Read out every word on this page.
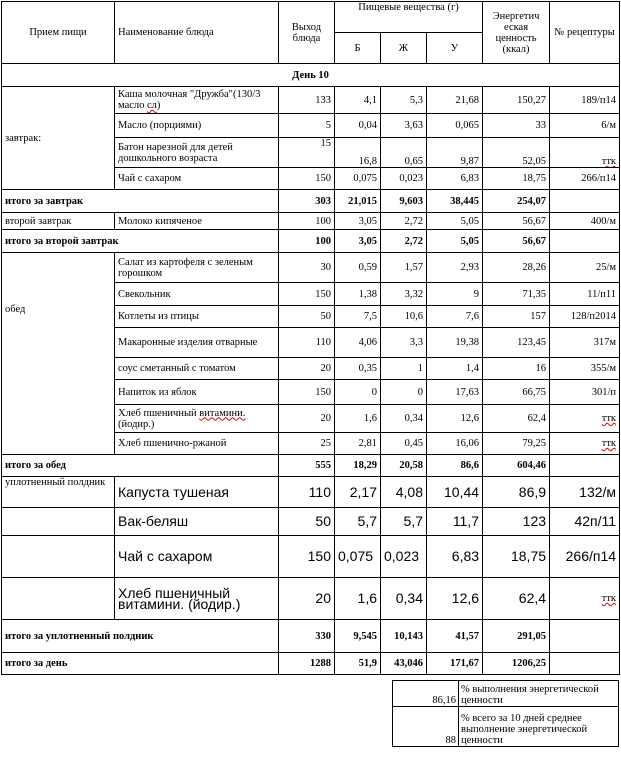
Прием пищи	Наименование блюда	Выход блюда	Пищевые вещества (г)			Энергетич еская ценность (ккал)	№ рецептуры
			Б	Ж	У		
День 10							
завтрак:	Каша молочная "Дружба"(130/3 масло сл)	133	4,1	5,3	21,68	150,27	189/п14
	Масло (порциями)	5	0,04	3,63	0,065	33	6/м
	Батон нарезной для детей дошкольного возраста	15	16,8	0,65	9,87	52,05	ттк
	Чай с сахаром	150	0,075	0,023	6,83	18,75	266/п14
итого за завтрак		303	21,015	9,603	38,445	254,07	
второй завтрак	Молоко кипяченое	100	3,05	2,72	5,05	56,67	400/м
итого за второй завтрак		100	3,05	2,72	5,05	56,67	
обед	Салат из картофеля с зеленым горошком	30	0,59	1,57	2,93	28,26	25/м
	Свекольник	150	1,38	3,32	9	71,35	11/п11
	Котлеты из птицы	50	7,5	10,6	7,6	157	128/п2014
	Макаронные изделия отварные	110	4,06	3,3	19,38	123,45	317м
	соус сметанный с томатом	20	0,35	1	1,4	16	355/м
	Напиток из яблок	150	0	0	17,63	66,75	301/п
	Хлеб пшеничный витамини. (йодир.)	20	1,6	0,34	12,6	62,4	ттк
	Хлеб пшенично-ржаной	25	2,81	0,45	16,06	79,25	ттк
итого за обед		555	18,29	20,58	86,6	604,46	
уплотненный полдник	Капуста тушеная	110	2,17	4,08	10,44	86,9	132/м
	Вак-беляш	50	5,7	5,7	11,7	123	42п/11
	Чай с сахаром	150	0,075	0,023	6,83	18,75	266/п14
	Хлеб пшеничный витамини. (йодир.)	20	1,6	0,34	12,6	62,4	ттк
итого за уплотненный полдник		330	9,545	10,143	41,57	291,05	
итого за день		1288	51,9	43,046	171,67	1206,25	
86,16	% выполнения энергетической ценности
88	% всего за 10 дней среднее выполнение энергетической ценности
